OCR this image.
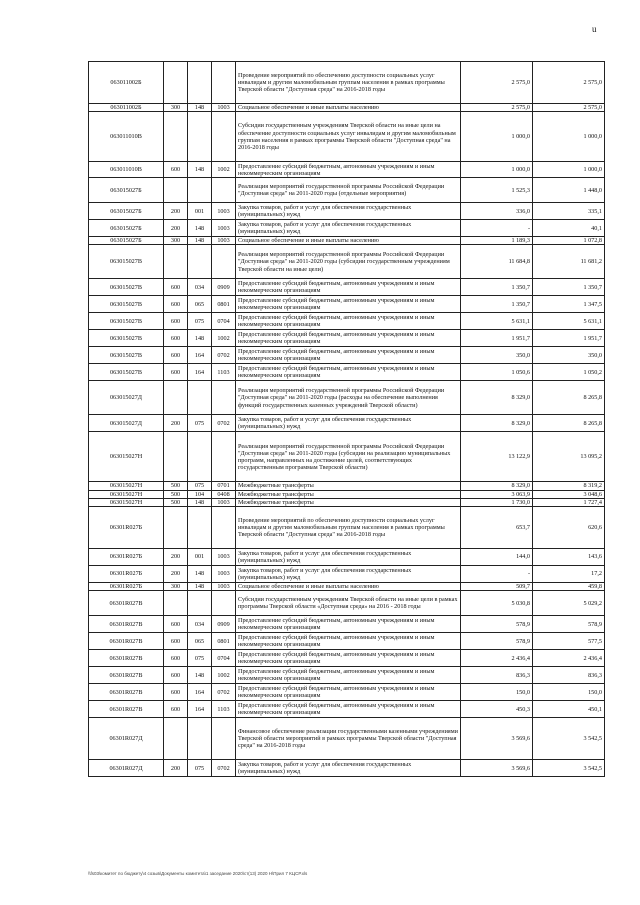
u
063011002Б				Проведение мероприятий по обеспечению доступности социальных услуг инвалидам и другим маломобильным группам населения в рамках программы Тверской области "Доступная среда" на 2016-2018 годы	2 575,0	2 575,0
063011002Б	300	148	1003	Социальное обеспечение и иные выплаты населению	2 575,0	2 575,0
063011010В				Субсидии государственным учреждениям Тверской области на иные цели на обеспечение доступности социальных услуг инвалидам и другим маломобильным группам населения в рамках программы Тверской области "Доступная среда" на 2016-2018 годы	1 000,0	1 000,0
063011010В	600	148	1002	Предоставление субсидий бюджетным, автономным учреждениям и иным некоммерческим организациям	1 000,0	1 000,0
063015027Б				Реализация мероприятий государственной программы Российской Федерации "Доступная среда" на 2011-2020 годы (отдельные мероприятия)	1 525,3	1 448,0
063015027Б	200	001	1003	Закупка товаров, работ и услуг для обеспечения государственных (муниципальных) нужд	336,0	335,1
063015027Б	200	148	1003	Закупка товаров, работ и услуг для обеспечения государственных (муниципальных) нужд	-	40,1
063015027Б	300	148	1003	Социальное обеспечение и иные выплаты населению	1 189,3	1 072,8
063015027В				Реализация мероприятий государственной программы Российской Федерации "Доступная среда" на 2011-2020 годы (субсидии государственным учреждениям Тверской области на иные цели)	11 684,8	11 681,2
063015027В	600	034	0909	Предоставление субсидий бюджетным, автономным учреждениям и иным некоммерческим организациям	1 350,7	1 350,7
063015027В	600	065	0801	Предоставление субсидий бюджетным, автономным учреждениям и иным некоммерческим организациям	1 350,7	1 347,5
063015027В	600	075	0704	Предоставление субсидий бюджетным, автономным учреждениям и иным некоммерческим организациям	5 631,1	5 631,1
063015027В	600	148	1002	Предоставление субсидий бюджетным, автономным учреждениям и иным некоммерческим организациям	1 951,7	1 951,7
063015027В	600	164	0702	Предоставление субсидий бюджетным, автономным учреждениям и иным некоммерческим организациям	350,0	350,0
063015027В	600	164	1103	Предоставление субсидий бюджетным, автономным учреждениям и иным некоммерческим организациям	1 050,6	1 050,2
063015027Д				Реализация мероприятий государственной программы Российской Федерации "Доступная среда" на 2011-2020 годы (расходы на обеспечение выполнения функций государственных казенных учреждений Тверской области)	8 329,0	8 265,8
063015027Д	200	075	0702	Закупка товаров, работ и услуг для обеспечения государственных (муниципальных) нужд	8 329,0	8 265,8
063015027Н				Реализация мероприятий государственной программы Российской Федерации "Доступная среда" на 2011-2020 годы (субсидии на реализацию муниципальных программ, направленных на достижение целей, соответствующих государственным программам Тверской области)	13 122,9	13 095,2
063015027Н	500	075	0701	Межбюджетные трансферты	8 329,0	8 319,2
063015027Н	500	104	0408	Межбюджетные трансферты	3 063,9	3 048,6
063015027Н	500	148	1003	Межбюджетные трансферты	1 730,0	1 727,4
06301R027Б				Проведение мероприятий по обеспечению доступности социальных услуг инвалидам и другим маломобильным группам населения в рамках программы Тверской области "Доступная среда" на 2016-2018 годы	653,7	620,6
06301R027Б	200	001	1003	Закупка товаров, работ и услуг для обеспечения государственных (муниципальных) нужд	144,0	143,6
06301R027Б	200	148	1003	Закупка товаров, работ и услуг для обеспечения государственных (муниципальных) нужд	-	17,2
06301R027Б	300	148	1003	Социальное обеспечение и иные выплаты населению	509,7	459,8
06301R027В				Субсидии государственным учреждениям Тверской области на иные цели в рамках программы Тверской области «Доступная среда» на 2016 - 2018 годы	5 030,8	5 029,2
06301R027В	600	034	0909	Предоставление субсидий бюджетным, автономным учреждениям и иным некоммерческим организациям	578,9	578,9
06301R027В	600	065	0801	Предоставление субсидий бюджетным, автономным учреждениям и иным некоммерческим организациям	578,9	577,5
06301R027В	600	075	0704	Предоставление субсидий бюджетным, автономным учреждениям и иным некоммерческим организациям	2 436,4	2 436,4
06301R027В	600	148	1002	Предоставление субсидий бюджетным, автономным учреждениям и иным некоммерческим организациям	836,3	836,3
06301R027В	600	164	0702	Предоставление субсидий бюджетным, автономным учреждениям и иным некоммерческим организациям	150,0	150,0
06301R027В	600	164	1103	Предоставление субсидий бюджетным, автономным учреждениям и иным некоммерческим организациям	450,3	450,1
06301R027Д				Финансовое обеспечение реализации государственными казенными учреждениями Тверской области мероприятий в рамках программы Тверской области "Доступная среда" на 2016-2018 годы	3 569,6	3 542,5
06301R027Д	200	075	0702	Закупка товаров, работ и услуг для обеспечения государственных (муниципальных) нужд	3 569,6	3 542,5
\\fs03\комитет по бюджету\4 созыв\Документы комитета\1 заседание 2020\ст(13) 2020 Н\Прил 7 КЦСР.xls
